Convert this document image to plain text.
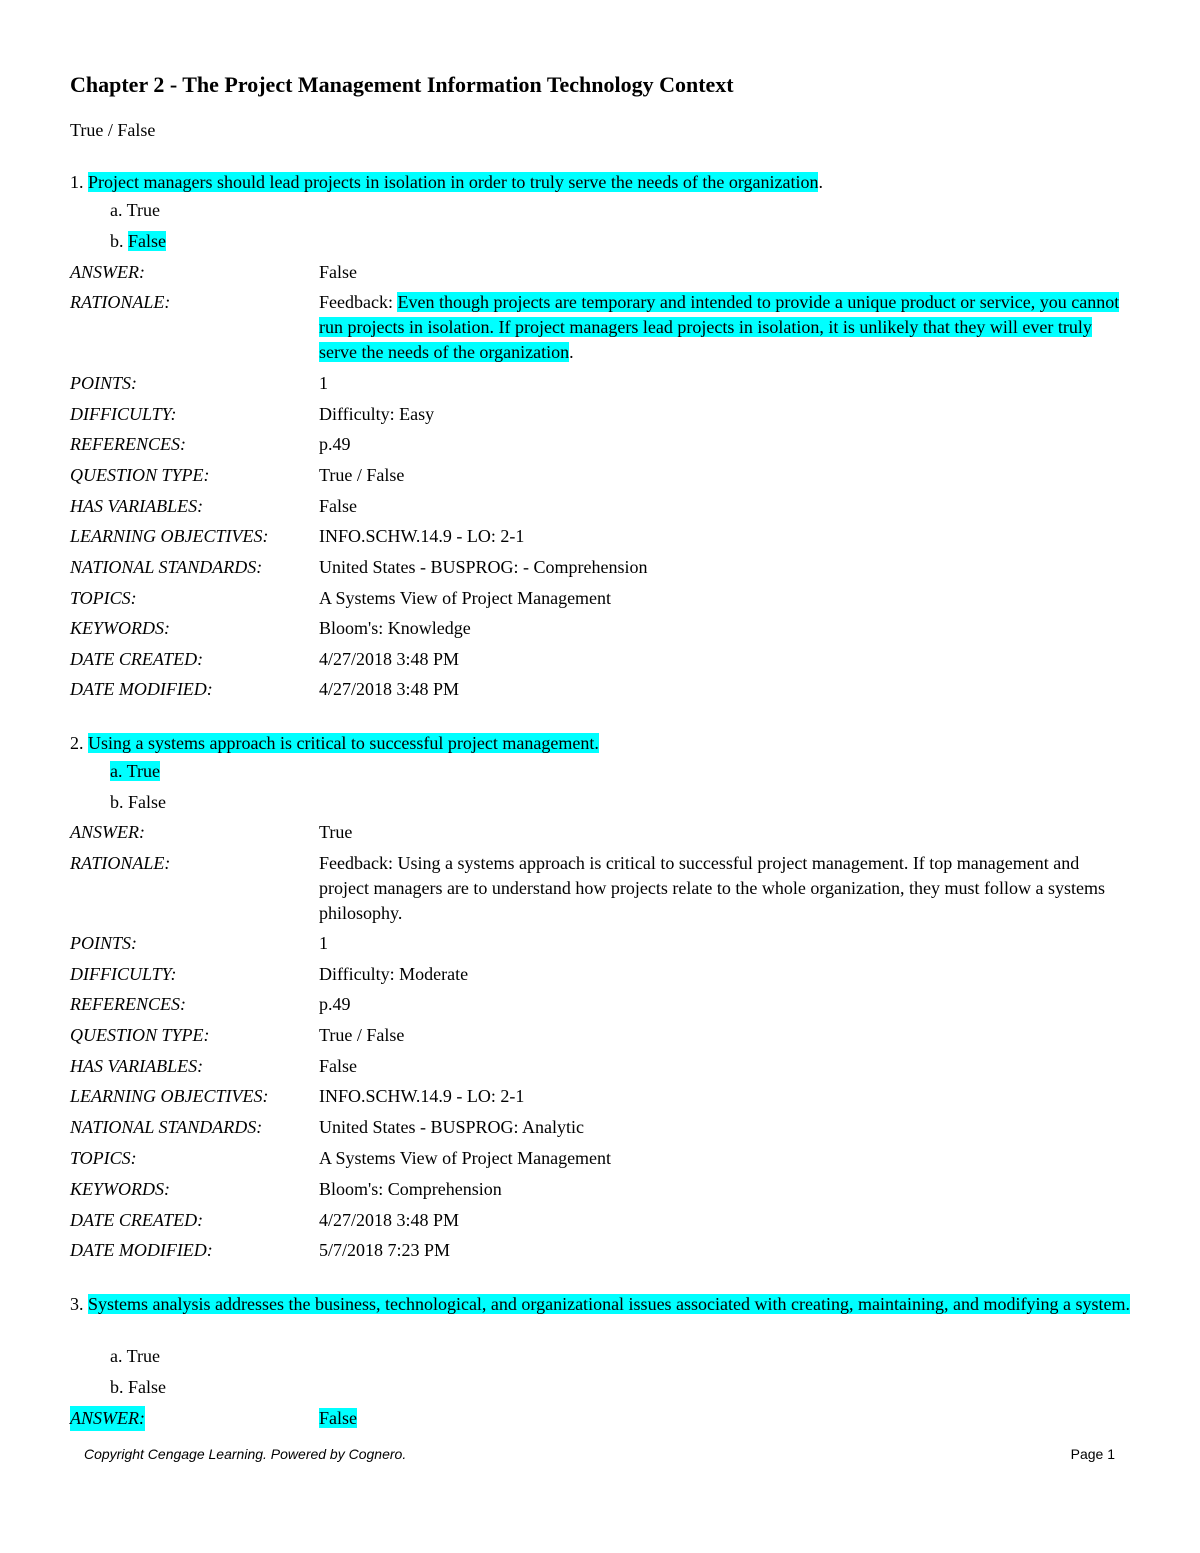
Chapter 2 - The Project Management Information Technology Context
True / False
1. Project managers should lead projects in isolation in order to truly serve the needs of the organization.
a. True
b. False
ANSWER:	False
RATIONALE:	Feedback: Even though projects are temporary and intended to provide a unique product or service, you cannot run projects in isolation. If project managers lead projects in isolation, it is unlikely that they will ever truly serve the needs of the organization.
POINTS:	1
DIFFICULTY:	Difficulty: Easy
REFERENCES:	p.49
QUESTION TYPE:	True / False
HAS VARIABLES:	False
LEARNING OBJECTIVES:	INFO.SCHW.14.9 - LO: 2-1
NATIONAL STANDARDS:	United States - BUSPROG: - Comprehension
TOPICS:	A Systems View of Project Management
KEYWORDS:	Bloom's: Knowledge
DATE CREATED:	4/27/2018 3:48 PM
DATE MODIFIED:	4/27/2018 3:48 PM
2. Using a systems approach is critical to successful project management.
a. True
b. False
ANSWER:	True
RATIONALE:	Feedback: Using a systems approach is critical to successful project management. If top management and project managers are to understand how projects relate to the whole organization, they must follow a systems philosophy.
POINTS:	1
DIFFICULTY:	Difficulty: Moderate
REFERENCES:	p.49
QUESTION TYPE:	True / False
HAS VARIABLES:	False
LEARNING OBJECTIVES:	INFO.SCHW.14.9 - LO: 2-1
NATIONAL STANDARDS:	United States - BUSPROG: Analytic
TOPICS:	A Systems View of Project Management
KEYWORDS:	Bloom's: Comprehension
DATE CREATED:	4/27/2018 3:48 PM
DATE MODIFIED:	5/7/2018 7:23 PM
3. Systems analysis addresses the business, technological, and organizational issues associated with creating, maintaining, and modifying a system.
a. True
b. False
ANSWER:	False
Copyright Cengage Learning. Powered by Cognero.	Page 1
